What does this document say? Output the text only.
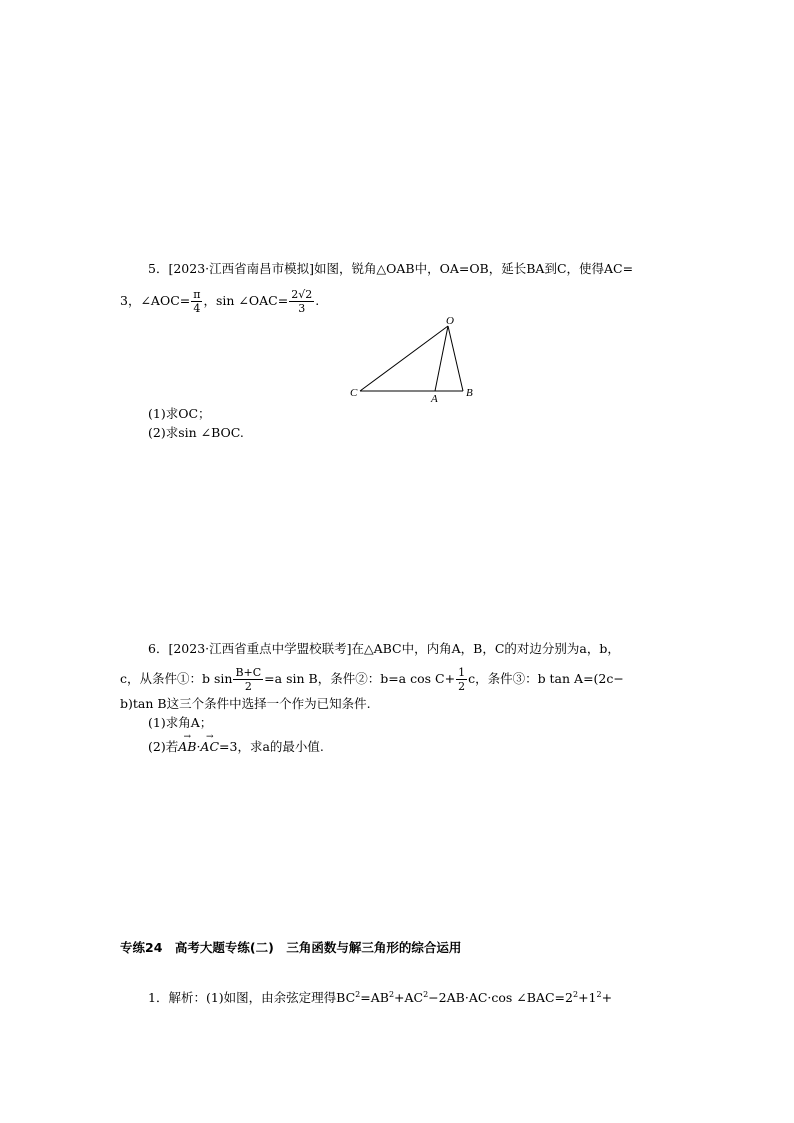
5．[2023·江西省南昌市模拟]如图，锐角△OAB中，OA=OB，延长BA到C，使得AC=
3，∠AOC= $\frac{\pi}{4}$ ，sin ∠OAC= $\frac{2√2}{3}$ .
O
C	A	B
(1)求OC；
(2)求sin ∠BOC.
6．[2023·江西省重点中学盟校联考]在△ABC中，内角A，B，C的对边分别为a，b，
c，从条件①：b $\sin \frac{B+C}{2} =a$ sin B，条件②：b=a $\cos C+ \frac{1}{2}$ c，条件③：b tan A=(2c−
b)tan B这三个条件中选择一个作为已知条件.
(1)求角A；
(2)若→ AB·→ AC=3，求a的最小值.
专练24　高考大题专练(二)　三角函数与解三角形的综合运用
1．解析：(1)如图，由余弦定理得$BC^2=AB^2+AC^2-2AB\cdot AC\cdot\cos$ $\angle BAC=2^2+1^2+$
